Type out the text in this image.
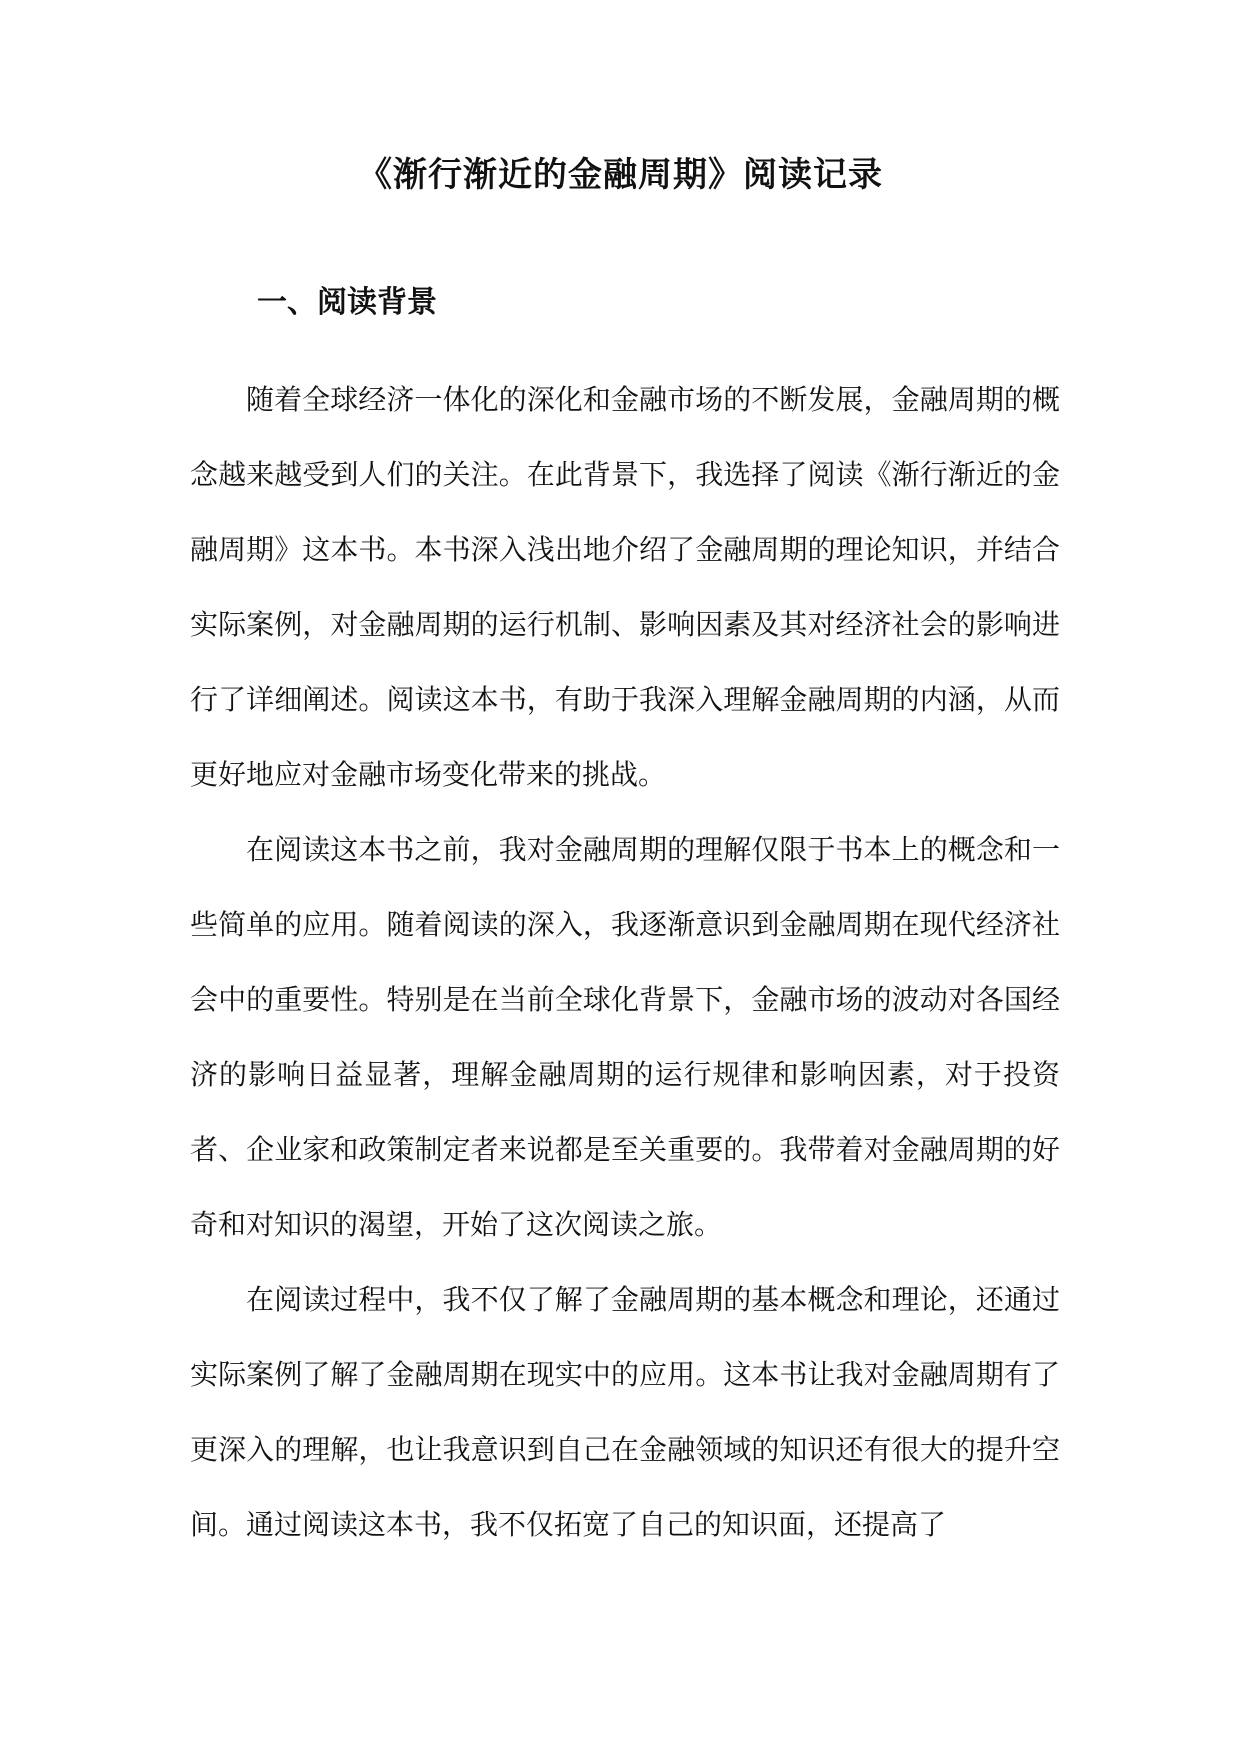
《渐行渐近的金融周期》阅读记录
一、阅读背景

随着全球经济一体化的深化和金融市场的不断发展，金融周期的概念越来越受到人们的关注。在此背景下，我选择了阅读《渐行渐近的金融周期》这本书。本书深入浅出地介绍了金融周期的理论知识，并结合实际案例，对金融周期的运行机制、影响因素及其对经济社会的影响进行了详细阐述。阅读这本书，有助于我深入理解金融周期的内涵，从而更好地应对金融市场变化带来的挑战。

在阅读这本书之前，我对金融周期的理解仅限于书本上的概念和一些简单的应用。随着阅读的深入，我逐渐意识到金融周期在现代经济社会中的重要性。特别是在当前全球化背景下，金融市场的波动对各国经济的影响日益显著，理解金融周期的运行规律和影响因素，对于投资者、企业家和政策制定者来说都是至关重要的。我带着对金融周期的好奇和对知识的渴望，开始了这次阅读之旅。

在阅读过程中，我不仅了解了金融周期的基本概念和理论，还通过实际案例了解了金融周期在现实中的应用。这本书让我对金融周期有了更深入的理解，也让我意识到自己在金融领域的知识还有很大的提升空间。通过阅读这本书，我不仅拓宽了自己的知识面，还提高了
